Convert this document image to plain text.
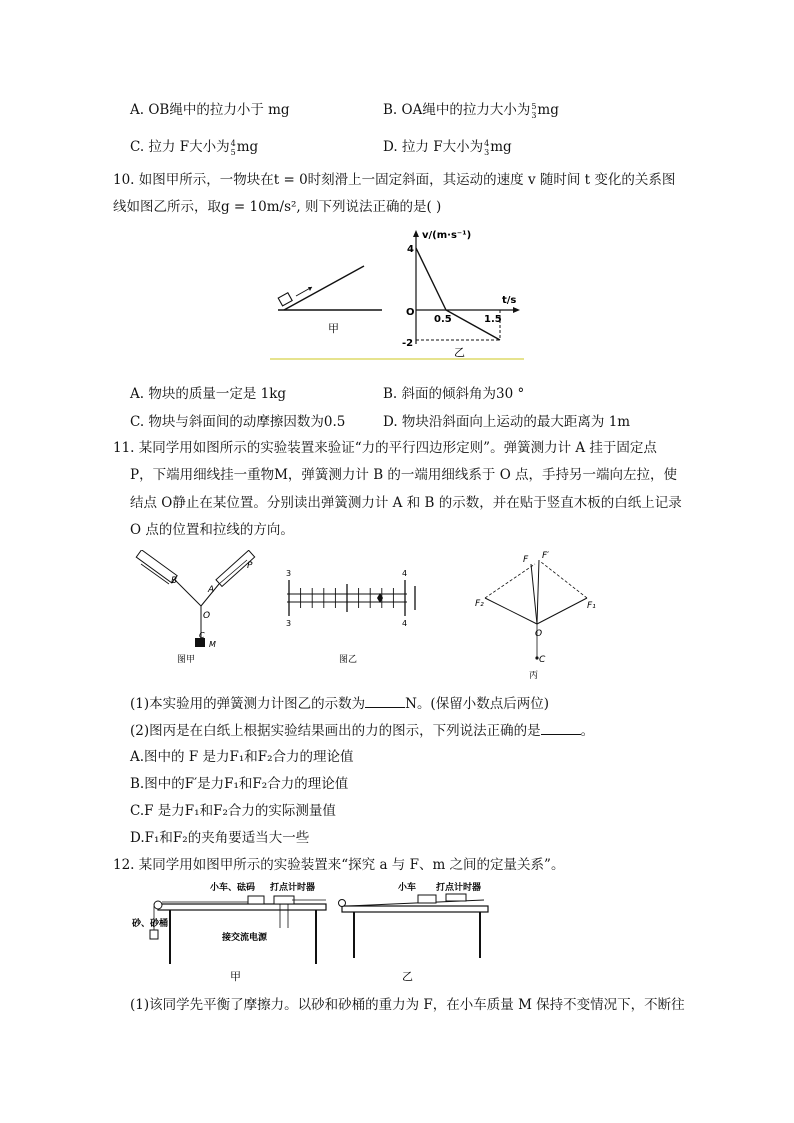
A. OB绳中的拉力小于 mg	B. OA绳中的拉力大小为 5
3 mg
C. 拉力 F大小为 4
5 mg	D. 拉力 F大小为 4
3 mg
10. 如图甲所示，一物块在t = 0时刻滑上一固定斜面，其运动的速度 v 随时间 t 变化的关系图
线如图乙所示，取g = 10m/s², 则下列说法正确的是( )
甲
v/(m·s⁻¹)
t/s
4
O
-2
0.5	1.5
乙
A. 物块的质量一定是 1kg	B. 斜面的倾斜角为30 °
C. 物块与斜面间的动摩擦因数为0.5	D. 物块沿斜面向上运动的最大距离为 1m
11. 某同学用如图所示的实验装置来验证“力的平行四边形定则”。弹簧测力计 A 挂于固定点
P，下端用细线挂一重物M，弹簧测力计 B 的一端用细线系于 O 点，手持另一端向左拉，使
结点 O静止在某位置。分别读出弹簧测力计 A 和 B 的示数，并在贴于竖直木板的白纸上记录
O 点的位置和拉线的方向。
B
A
P
O
C
M
图甲
3	4
3	4
图乙
F F′
F₂	F₁
O
C
丙
(1)本实验用的弹簧测力计图乙的示数为	N。(保留小数点后两位)
(2)图丙是在白纸上根据实验结果画出的力的图示，下列说法正确的是	。
A.图中的 F 是力F₁和F₂合力的理论值
B.图中的F′是力F₁和F₂合力的理论值
C.F 是力F₁和F₂合力的实际测量值
D.F₁和F₂的夹角要适当大一些
12. 某同学用如图甲所示的实验装置来“探究 a 与 F、m 之间的定量关系”。
小车、砝码 打点计时器
砂、砂桶
接交流电源
甲
小车 打点计时器
乙
(1)该同学先平衡了摩擦力。以砂和砂桶的重力为 F，在小车质量 M 保持不变情况下，不断往
